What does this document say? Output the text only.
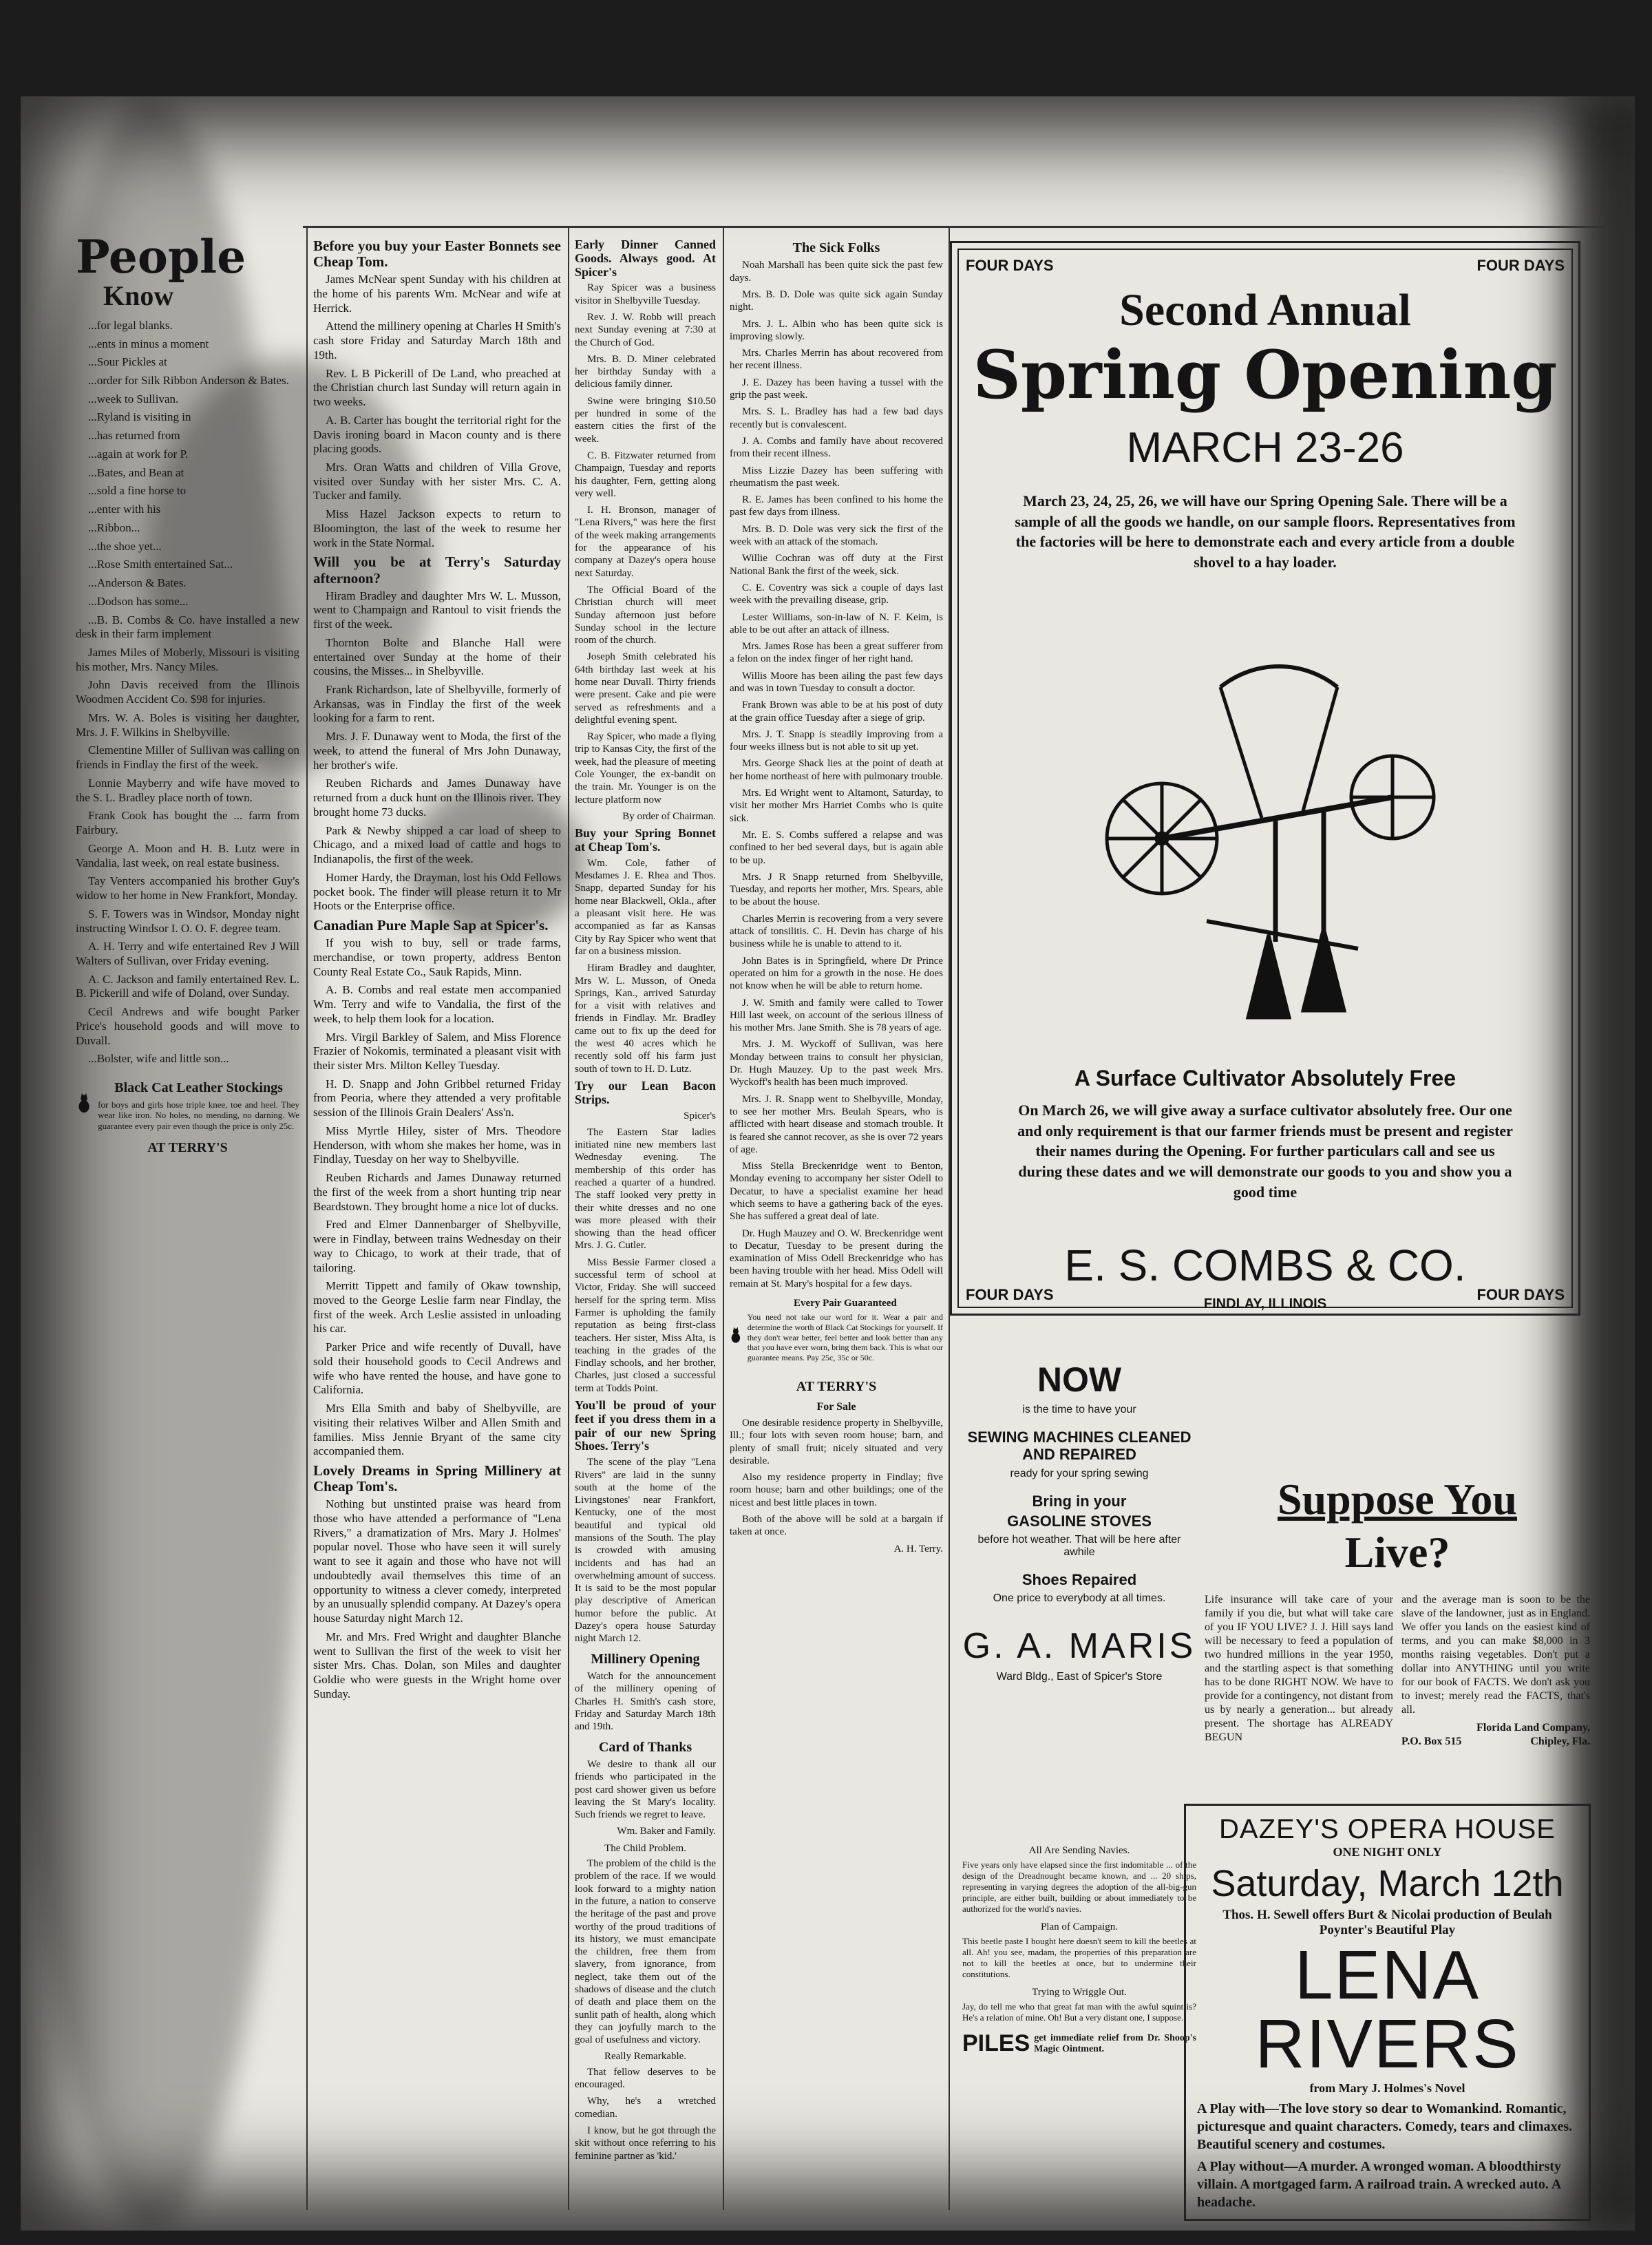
People
Know

...for legal blanks.

...ents in minus a moment

...Sour Pickles at

...order for Silk Ribbon Anderson & Bates.

...week to Sullivan.

...Ryland is visiting in

...has returned from

...again at work for P.

...Bates, and Bean at

...sold a fine horse to

...enter with his

...Ribbon...

...the shoe yet...

...Rose Smith entertained Sat...

...Anderson & Bates.

...Dodson has some...

...B. B. Combs & Co. have installed a new desk in their farm implement

James Miles of Moberly, Missouri is visiting his mother, Mrs. Nancy Miles.

John Davis received from the Illinois Woodmen Accident Co. $98 for injuries.

Mrs. W. A. Boles is visiting her daughter, Mrs. J. F. Wilkins in Shelbyville.

Clementine Miller of Sullivan was calling on friends in Findlay the first of the week.

Lonnie Mayberry and wife have moved to the S. L. Bradley place north of town.

Frank Cook has bought the ... farm from Fairbury.

George A. Moon and H. B. Lutz were in Vandalia, last week, on real estate business.

Tay Venters accompanied his brother Guy's widow to her home in New Frankfort, Monday.

S. F. Towers was in Windsor, Monday night instructing Windsor I. O. O. F. degree team.

A. H. Terry and wife entertained Rev J Will Walters of Sullivan, over Friday evening.

A. C. Jackson and family entertained Rev. L. B. Pickerill and wife of Doland, over Sunday.

Cecil Andrews and wife bought Parker Price's household goods and will move to Duvall.

...Bolster, wife and little son...

Black Cat Leather Stockings
for boys and girls hose triple knee, toe and heel. They wear like iron. No holes, no mending, no darning. We guarantee every pair even though the price is only 25c.
AT TERRY'S
Before you buy your Easter Bonnets see Cheap Tom.

James McNear spent Sunday with his children at the home of his parents Wm. McNear and wife at Herrick.

Attend the millinery opening at Charles H Smith's cash store Friday and Saturday March 18th and 19th.

Rev. L B Pickerill of De Land, who preached at the Christian church last Sunday will return again in two weeks.

A. B. Carter has bought the territorial right for the Davis ironing board in Macon county and is there placing goods.

Mrs. Oran Watts and children of Villa Grove, visited over Sunday with her sister Mrs. C. A. Tucker and family.

Miss Hazel Jackson expects to return to Bloomington, the last of the week to resume her work in the State Normal.

Will you be at Terry's Saturday afternoon?

Hiram Bradley and daughter Mrs W. L. Musson, went to Champaign and Rantoul to visit friends the first of the week.

Thornton Bolte and Blanche Hall were entertained over Sunday at the home of their cousins, the Misses... in Shelbyville.

Frank Richardson, late of Shelbyville, formerly of Arkansas, was in Findlay the first of the week looking for a farm to rent.

Mrs. J. F. Dunaway went to Moda, the first of the week, to attend the funeral of Mrs John Dunaway, her brother's wife.

Reuben Richards and James Dunaway have returned from a duck hunt on the Illinois river. They brought home 73 ducks.

Park & Newby shipped a car load of sheep to Chicago, and a mixed load of cattle and hogs to Indianapolis, the first of the week.

Homer Hardy, the Drayman, lost his Odd Fellows pocket book. The finder will please return it to Mr Hoots or the Enterprise office.

Canadian Pure Maple Sap at Spicer's.

If you wish to buy, sell or trade farms, merchandise, or town property, address Benton County Real Estate Co., Sauk Rapids, Minn.

A. B. Combs and real estate men accompanied Wm. Terry and wife to Vandalia, the first of the week, to help them look for a location.

Mrs. Virgil Barkley of Salem, and Miss Florence Frazier of Nokomis, terminated a pleasant visit with their sister Mrs. Milton Kelley Tuesday.

H. D. Snapp and John Gribbel returned Friday from Peoria, where they attended a very profitable session of the Illinois Grain Dealers' Ass'n.

Miss Myrtle Hiley, sister of Mrs. Theodore Henderson, with whom she makes her home, was in Findlay, Tuesday on her way to Shelbyville.

Reuben Richards and James Dunaway returned the first of the week from a short hunting trip near Beardstown. They brought home a nice lot of ducks.

Fred and Elmer Dannenbarger of Shelbyville, were in Findlay, between trains Wednesday on their way to Chicago, to work at their trade, that of tailoring.

Merritt Tippett and family of Okaw township, moved to the George Leslie farm near Findlay, the first of the week. Arch Leslie assisted in unloading his car.

Parker Price and wife recently of Duvall, have sold their household goods to Cecil Andrews and wife who have rented the house, and have gone to California.

Mrs Ella Smith and baby of Shelbyville, are visiting their relatives Wilber and Allen Smith and families. Miss Jennie Bryant of the same city accompanied them.

Lovely Dreams in Spring Millinery at Cheap Tom's.

Nothing but unstinted praise was heard from those who have attended a performance of "Lena Rivers," a dramatization of Mrs. Mary J. Holmes' popular novel. Those who have seen it will surely want to see it again and those who have not will undoubtedly avail themselves this time of an opportunity to witness a clever comedy, interpreted by an unusually splendid company. At Dazey's opera house Saturday night March 12.

Mr. and Mrs. Fred Wright and daughter Blanche went to Sullivan the first of the week to visit her sister Mrs. Chas. Dolan, son Miles and daughter Goldie who were guests in the Wright home over Sunday.

Early Dinner Canned Goods. Always good. At Spicer's

Ray Spicer was a business visitor in Shelbyville Tuesday.

Rev. J. W. Robb will preach next Sunday evening at 7:30 at the Church of God.

Mrs. B. D. Miner celebrated her birthday Sunday with a delicious family dinner.

Swine were bringing $10.50 per hundred in some of the eastern cities the first of the week.

C. B. Fitzwater returned from Champaign, Tuesday and reports his daughter, Fern, getting along very well.

I. H. Bronson, manager of "Lena Rivers," was here the first of the week making arrangements for the appearance of his company at Dazey's opera house next Saturday.

The Official Board of the Christian church will meet Sunday afternoon just before Sunday school in the lecture room of the church.

Joseph Smith celebrated his 64th birthday last week at his home near Duvall. Thirty friends were present. Cake and pie were served as refreshments and a delightful evening spent.

Ray Spicer, who made a flying trip to Kansas City, the first of the week, had the pleasure of meeting Cole Younger, the ex-bandit on the train. Mr. Younger is on the lecture platform now

By order of Chairman.
Buy your Spring Bonnet at Cheap Tom's.

Wm. Cole, father of Mesdames J. E. Rhea and Thos. Snapp, departed Sunday for his home near Blackwell, Okla., after a pleasant visit here. He was accompanied as far as Kansas City by Ray Spicer who went that far on a business mission.

Hiram Bradley and daughter, Mrs W. L. Musson, of Oneda Springs, Kan., arrived Saturday for a visit with relatives and friends in Findlay. Mr. Bradley came out to fix up the deed for the west 40 acres which he recently sold off his farm just south of town to H. D. Lutz.

Try our Lean Bacon Strips.
Spicer's

The Eastern Star ladies initiated nine new members last Wednesday evening. The membership of this order has reached a quarter of a hundred. The staff looked very pretty in their white dresses and no one was more pleased with their showing than the head officer Mrs. J. G. Cutler.

Miss Bessie Farmer closed a successful term of school at Victor, Friday. She will succeed herself for the spring term. Miss Farmer is upholding the family reputation as being first-class teachers. Her sister, Miss Alta, is teaching in the grades of the Findlay schools, and her brother, Charles, just closed a successful term at Todds Point.

You'll be proud of your feet if you dress them in a pair of our new Spring Shoes. Terry's

The scene of the play "Lena Rivers" are laid in the sunny south at the home of the Livingstones' near Frankfort, Kentucky, one of the most beautiful and typical old mansions of the South. The play is crowded with amusing incidents and has had an overwhelming amount of success. It is said to be the most popular play descriptive of American humor before the public. At Dazey's opera house Saturday night March 12.

Millinery Opening

Watch for the announcement of the millinery opening of Charles H. Smith's cash store, Friday and Saturday March 18th and 19th.

Card of Thanks

We desire to thank all our friends who participated in the post card shower given us before leaving the St Mary's locality. Such friends we regret to leave.

Wm. Baker and Family.
The Child Problem.

The problem of the child is the problem of the race. If we would look forward to a mighty nation in the future, a nation to conserve the heritage of the past and prove worthy of the proud traditions of its history, we must emancipate the children, free them from slavery, from ignorance, from neglect, take them out of the shadows of disease and the clutch of death and place them on the sunlit path of health, along which they can joyfully march to the goal of usefulness and victory.

Really Remarkable.

That fellow deserves to be encouraged.

Why, he's a wretched comedian.

I know, but he got through the skit without once referring to his feminine partner as 'kid.'

The Sick Folks

Noah Marshall has been quite sick the past few days.

Mrs. B. D. Dole was quite sick again Sunday night.

Mrs. J. L. Albin who has been quite sick is improving slowly.

Mrs. Charles Merrin has about recovered from her recent illness.

J. E. Dazey has been having a tussel with the grip the past week.

Mrs. S. L. Bradley has had a few bad days recently but is convalescent.

J. A. Combs and family have about recovered from their recent illness.

Miss Lizzie Dazey has been suffering with rheumatism the past week.

R. E. James has been confined to his home the past few days from illness.

Mrs. B. D. Dole was very sick the first of the week with an attack of the stomach.

Willie Cochran was off duty at the First National Bank the first of the week, sick.

C. E. Coventry was sick a couple of days last week with the prevailing disease, grip.

Lester Williams, son-in-law of N. F. Keim, is able to be out after an attack of illness.

Mrs. James Rose has been a great sufferer from a felon on the index finger of her right hand.

Willis Moore has been ailing the past few days and was in town Tuesday to consult a doctor.

Frank Brown was able to be at his post of duty at the grain office Tuesday after a siege of grip.

Mrs. J. T. Snapp is steadily improving from a four weeks illness but is not able to sit up yet.

Mrs. George Shack lies at the point of death at her home northeast of here with pulmonary trouble.

Mrs. Ed Wright went to Altamont, Saturday, to visit her mother Mrs Harriet Combs who is quite sick.

Mr. E. S. Combs suffered a relapse and was confined to her bed several days, but is again able to be up.

Mrs. J R Snapp returned from Shelbyville, Tuesday, and reports her mother, Mrs. Spears, able to be about the house.

Charles Merrin is recovering from a very severe attack of tonsilitis. C. H. Devin has charge of his business while he is unable to attend to it.

John Bates is in Springfield, where Dr Prince operated on him for a growth in the nose. He does not know when he will be able to return home.

J. W. Smith and family were called to Tower Hill last week, on account of the serious illness of his mother Mrs. Jane Smith. She is 78 years of age.

Mrs. J. M. Wyckoff of Sullivan, was here Monday between trains to consult her physician, Dr. Hugh Mauzey. Up to the past week Mrs. Wyckoff's health has been much improved.

Mrs. J. R. Snapp went to Shelbyville, Monday, to see her mother Mrs. Beulah Spears, who is afflicted with heart disease and stomach trouble. It is feared she cannot recover, as she is over 72 years of age.

Miss Stella Breckenridge went to Benton, Monday evening to accompany her sister Odell to Decatur, to have a specialist examine her head which seems to have a gathering back of the eyes. She has suffered a great deal of late.

Dr. Hugh Mauzey and O. W. Breckenridge went to Decatur, Tuesday to be present during the examination of Miss Odell Breckenridge who has been having trouble with her head. Miss Odell will remain at St. Mary's hospital for a few days.

Every Pair Guaranteed
You need not take our word for it. Wear a pair and determine the worth of Black Cat Stockings for yourself. If they don't wear better, feel better and look better than any that you have ever worn, bring them back. This is what our guarantee means. Pay 25c, 35c or 50c.
AT TERRY'S
For Sale

One desirable residence property in Shelbyville, Ill.; four lots with seven room house; barn, and plenty of small fruit; nicely situated and very desirable.

Also my residence property in Findlay; five room house; barn and other buildings; one of the nicest and best little places in town.

Both of the above will be sold at a bargain if taken at once.

A. H. Terry.
FOUR DAYS	FOUR DAYS
Second Annual
Spring Opening
MARCH 23-26
March 23, 24, 25, 26, we will have our Spring Opening Sale. There will be a sample of all the goods we handle, on our sample floors. Representatives from the factories will be here to demonstrate each and every article from a double shovel to a hay loader.
A Surface Cultivator Absolutely Free
On March 26, we will give away a surface cultivator absolutely free. Our one and only requirement is that our farmer friends must be present and register their names during the Opening. For further particulars call and see us during these dates and we will demonstrate our goods to you and show you a good time
E. S. COMBS & CO.
FINDLAY, ILLINOIS
FOUR DAYS	FOUR DAYS
NOW
is the time to have your
SEWING MACHINES CLEANED AND REPAIRED
ready for your spring sewing
Bring in your
GASOLINE STOVES
before hot weather. That will be here after awhile
Shoes Repaired
One price to everybody at all times.
G. A. MARIS
Ward Bldg., East of Spicer's Store
All Are Sending Navies.
Five years only have elapsed since the first indomitable ... of the design of the Dreadnought became known, and ... 20 ships, representing in varying degrees the adoption of the all-big-gun principle, are either built, building or about immediately to be authorized for the world's navies.
Plan of Campaign.
This beetle paste I bought here doesn't seem to kill the beetles at all. Ah! you see, madam, the properties of this preparation are not to kill the beetles at once, but to undermine their constitutions.
Trying to Wriggle Out.
Jay, do tell me who that great fat man with the awful squint is? He's a relation of mine. Oh! But a very distant one, I suppose.
PILES get immediate relief from Dr. Shoop's Magic Ointment.
Suppose You
Live?
Life insurance will take care of your family if you die, but what will take care of you IF YOU LIVE? J. J. Hill says land will be necessary to feed a population of two hundred millions in the year 1950, and the startling aspect is that something has to be done RIGHT NOW. We have to provide for a contingency, not distant from us by nearly a generation... but already present. The shortage has ALREADY BEGUN
and the average man is soon to be the slave of the landowner, just as in England. We offer you lands on the easiest kind of terms, and you can make $8,000 in 3 months raising vegetables. Don't put a dollar into ANYTHING until you write for our book of FACTS. We don't ask you to invest; merely read the FACTS, that's all.
Florida Land Company,
P.O. Box 515	Chipley, Fla.
DAZEY'S OPERA HOUSE
ONE NIGHT ONLY
Saturday, March 12th
Thos. H. Sewell offers Burt & Nicolai production of Beulah Poynter's Beautiful Play
LENA RIVERS
from Mary J. Holmes's Novel
A Play with—The love story so dear to Womankind. Romantic, picturesque and quaint characters. Comedy, tears and climaxes. Beautiful scenery and costumes.
A Play without—A murder. A wronged woman. A bloodthirsty villain. A mortgaged farm. A railroad train. A wrecked auto. A headache.
